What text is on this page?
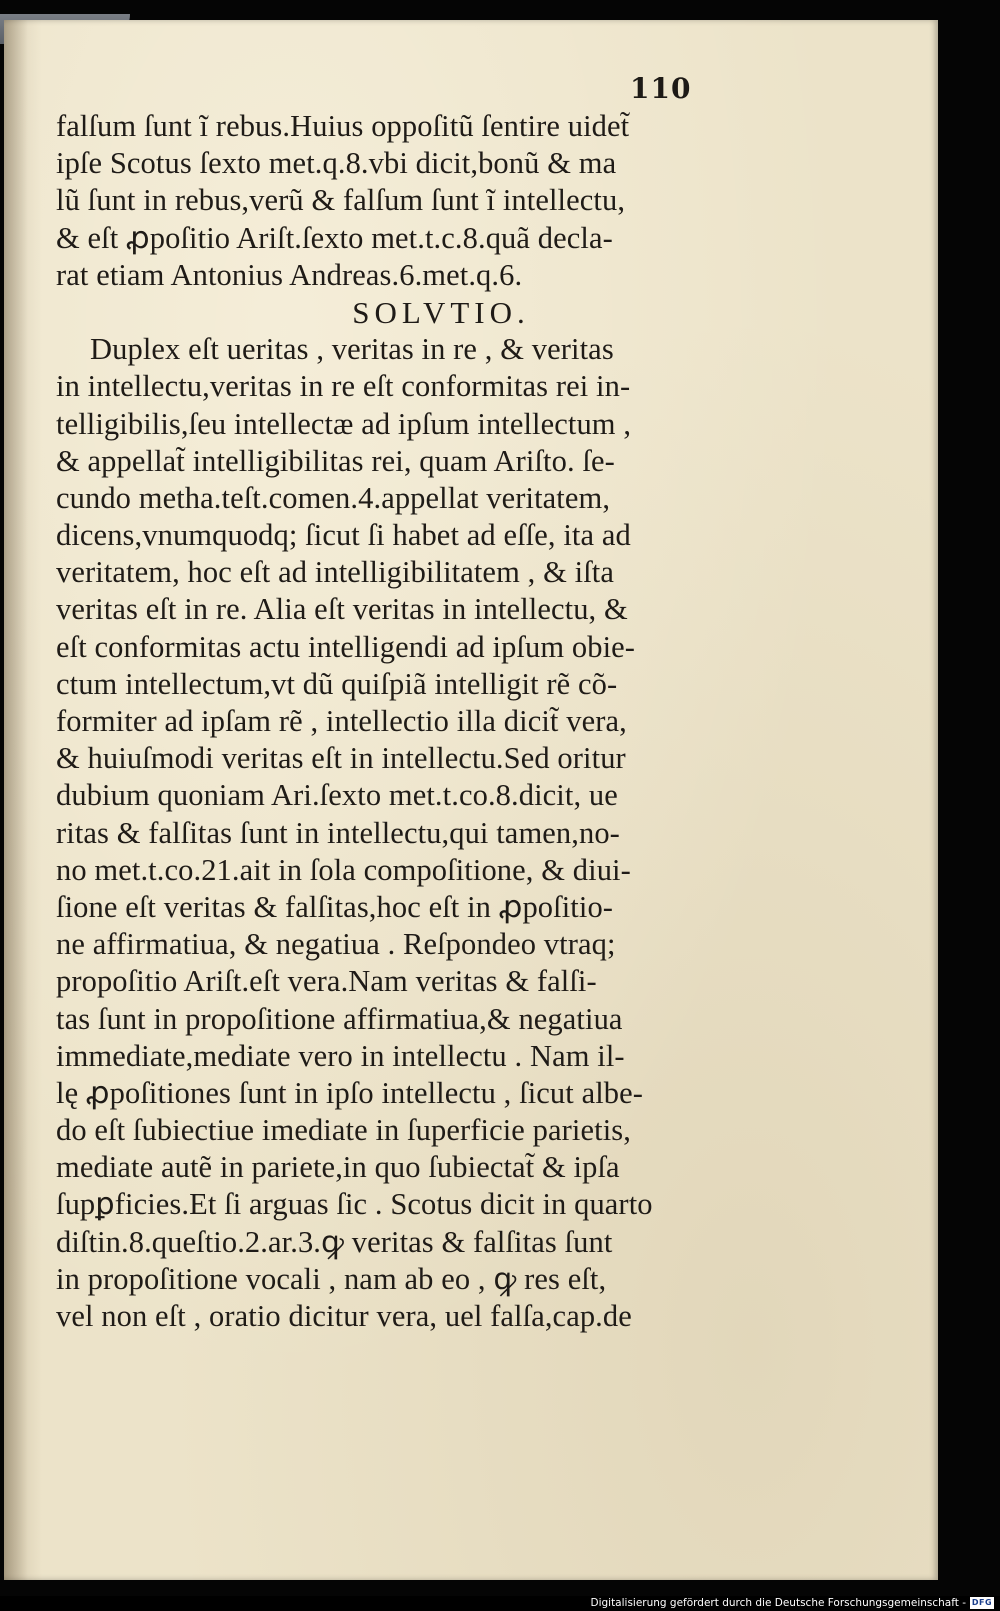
110

falſum ſunt ĩ rebus.Huius oppoſitũ ſentire uidet̃
ipſe Scotus ſexto met.q.8.vbi dicit,bonũ & ma
lũ ſunt in rebus,verũ & falſum ſunt ĩ intellectu,
& eſt ꝓpoſitio Ariſt.ſexto met.t.c.8.quã decla-
rat etiam Antonius Andreas.6.met.q.6.
SOLVTIO.
Duplex eſt ueritas , veritas in re , & veritas
in intellectu,veritas in re eſt conformitas rei in-
telligibilis,ſeu intellectæ ad ipſum intellectum ,
& appellat̃ intelligibilitas rei, quam Ariſto. ſe-
cundo metha.teſt.comen.4.appellat veritatem,
dicens,vnumquodq; ſicut ſi habet ad eſſe, ita ad
veritatem, hoc eſt ad intelligibilitatem , & iſta
veritas eſt in re. Alia eſt veritas in intellectu, &
eſt conformitas actu intelligendi ad ipſum obie-
ctum intellectum,vt dũ quiſpiã intelligit rẽ cõ-
formiter ad ipſam rẽ , intellectio illa dicit̃ vera,
& huiuſmodi veritas eſt in intellectu.Sed oritur
dubium quoniam Ari.ſexto met.t.co.8.dicit, ue
ritas & falſitas ſunt in intellectu,qui tamen,no-
no met.t.co.21.ait in ſola compoſitione, & diui-
ſione eſt veritas & falſitas,hoc eſt in ꝓpoſitio-
ne affirmatiua, & negatiua . Reſpondeo vtraq;
propoſitio Ariſt.eſt vera.Nam veritas & falſi-
tas ſunt in propoſitione affirmatiua,& negatiua
immediate,mediate vero in intellectu . Nam il-
lę ꝓpoſitiones ſunt in ipſo intellectu , ſicut albe-
do eſt ſubiectiue imediate in ſuperficie parietis,
mediate autẽ in pariete,in quo ſubiectat̃ & ipſa
ſupꝑficies.Et ſi arguas ſic . Scotus dicit in quarto
diſtin.8.queſtio.2.ar.3.ꝙ veritas & falſitas ſunt
in propoſitione vocali , nam ab eo , ꝙ res eſt,
vel non eſt , oratio dicitur vera, uel falſa,cap.de

Digitalisierung gefördert durch die Deutsche Forschungsgemeinschaft - DFG
